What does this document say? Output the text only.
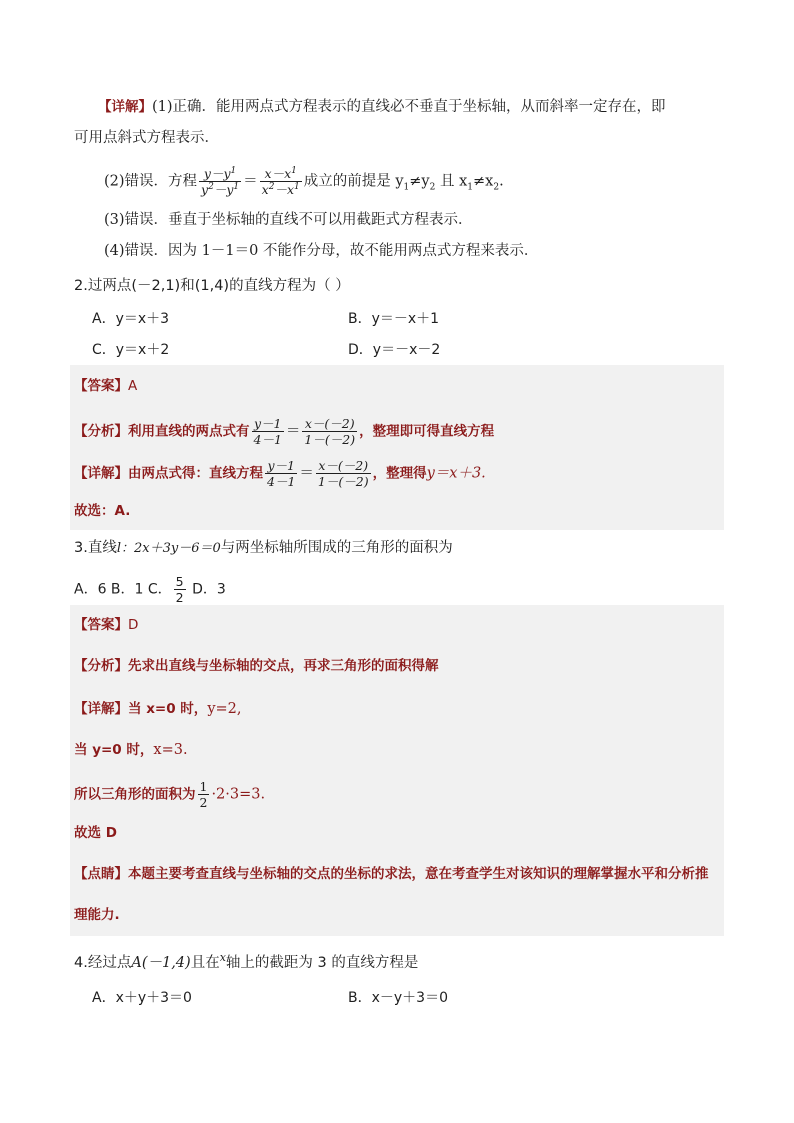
【详解】(1)正确．能用两点式方程表示的直线必不垂直于坐标轴，从而斜率一定存在，即
可用点斜式方程表示．
(2)错误．方程 $\frac{y-y^1}{y^2-y^1} = \frac{x-x^1}{x^2-x^1}$ 成立的前提是 $y_1\ne y_2$ 且 $x_1\ne x_2$.
(3)错误．垂直于坐标轴的直线不可以用截距式方程表示．
(4)错误．因为 1－1＝0 不能作分母，故不能用两点式方程来表示．
2.过两点(－2,1)和(1,4)的直线方程为（ ）
A．y＝x＋3	B．y＝－x＋1
C．y＝x＋2	D．y＝－x－2
【答案】A
【分析】利用直线的两点式有 $\frac{y-1}{4-1} = \frac{x-(-2)}{1-(-2)}$ ，整理即可得直线方程
【详解】由两点式得：直线方程 $\frac{y-1}{4-1} = \frac{x-(-2)}{1-(-2)}$ ，整理得y＝x＋3.
故选：A.
3.直线l：2x＋3y－6＝0与两坐标轴所围成的三角形的面积为
A．6 B．1 C． $\frac{5}{2}$ D．3
【答案】D
【分析】先求出直线与坐标轴的交点，再求三角形的面积得解
【详解】当 x=0 时，y=2,
当 y=0 时，x=3.
所以三角形的面积为 $\frac{1}{2} \cdot 2\cdot 3=3$.
故选 D
【点睛】本题主要考查直线与坐标轴的交点的坐标的求法，意在考查学生对该知识的理解掌握水平和分析推
理能力.
4.经过点A(－1,4)且在$^x$轴上的截距为 3 的直线方程是
A．x＋y＋3＝0	B．x－y＋3＝0
